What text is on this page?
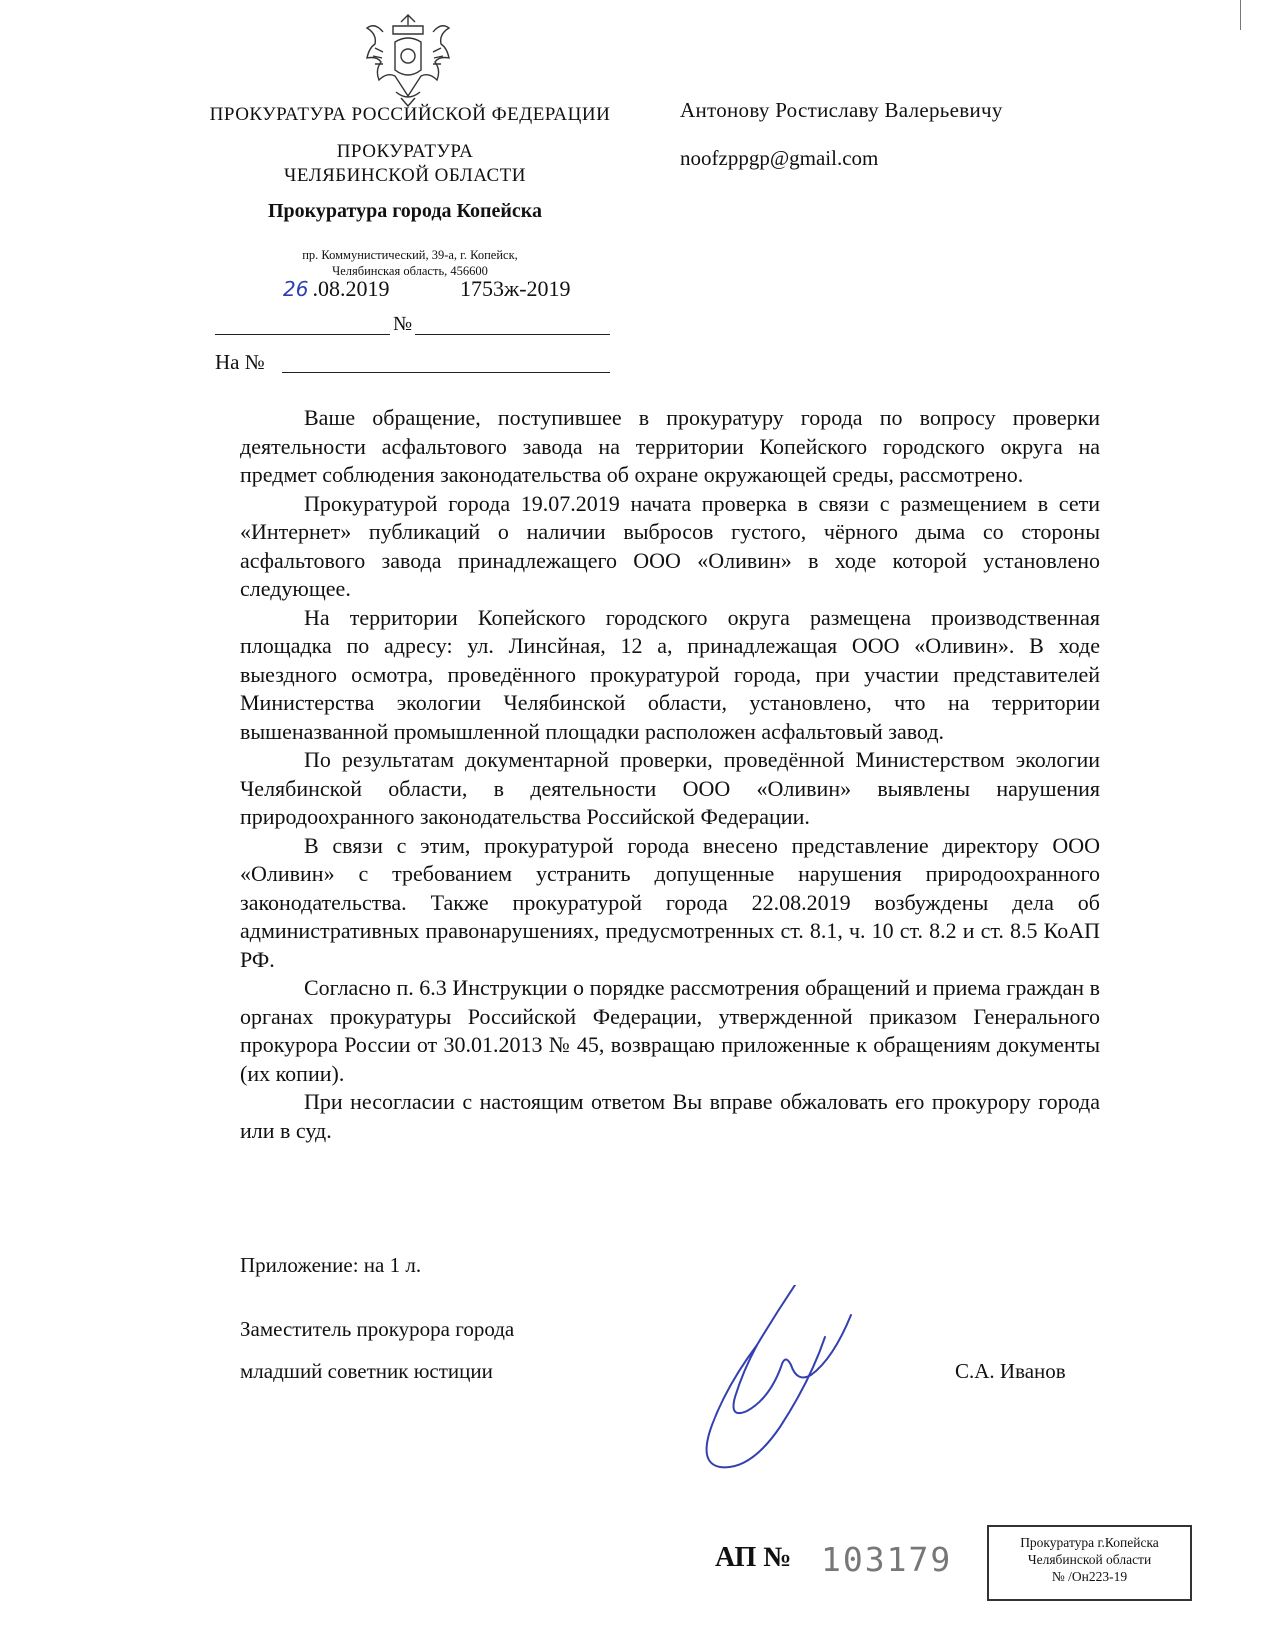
ПРОКУРАТУРА РОССИЙСКОЙ ФЕДЕРАЦИИ
ПРОКУРАТУРА
ЧЕЛЯБИНСКОЙ ОБЛАСТИ
Прокуратура города Копейска
пр. Коммунистический, 39-а, г. Копейск,
Челябинская область, 456600
26 .08.2019	1753ж-2019
№
На №
Антонову Ростиславу Валерьевичу
noofzppgp@gmail.com

Ваше обращение, поступившее в прокуратуру города по вопросу проверки деятельности асфальтового завода на территории Копейского городского округа на предмет соблюдения законодательства об охране окружающей среды, рассмотрено.

Прокуратурой города 19.07.2019 начата проверка в связи с размещением в сети «Интернет» публикаций о наличии выбросов густого, чёрного дыма со стороны асфальтового завода принадлежащего ООО «Оливин» в ходе которой установлено следующее.

На территории Копейского городского округа размещена производственная площадка по адресу: ул. Линсйная, 12 а, принадлежащая ООО «Оливин». В ходе выездного осмотра, проведённого прокуратурой города, при участии представителей Министерства экологии Челябинской области, установлено, что на территории вышеназванной промышленной площадки расположен асфальтовый завод.

По результатам документарной проверки, проведённой Министерством экологии Челябинской области, в деятельности ООО «Оливин» выявлены нарушения природоохранного законодательства Российской Федерации.

В связи с этим, прокуратурой города внесено представление директору ООО «Оливин» с требованием устранить допущенные нарушения природоохранного законодательства. Также прокуратурой города 22.08.2019 возбуждены дела об административных правонарушениях, предусмотренных ст. 8.1, ч. 10 ст. 8.2 и ст. 8.5 КоАП РФ.

Согласно п. 6.3 Инструкции о порядке рассмотрения обращений и приема граждан в органах прокуратуры Российской Федерации, утвержденной приказом Генерального прокурора России от 30.01.2013 № 45, возвращаю приложенные к обращениям документы (их копии).

При несогласии с настоящим ответом Вы вправе обжаловать его прокурору города или в суд.

Приложение: на 1 л.
Заместитель прокурора города
младший советник юстиции	С.А. Иванов
АП № 103179	Прокуратура г.Копейска
Челябинской области
№ /Он223-19
